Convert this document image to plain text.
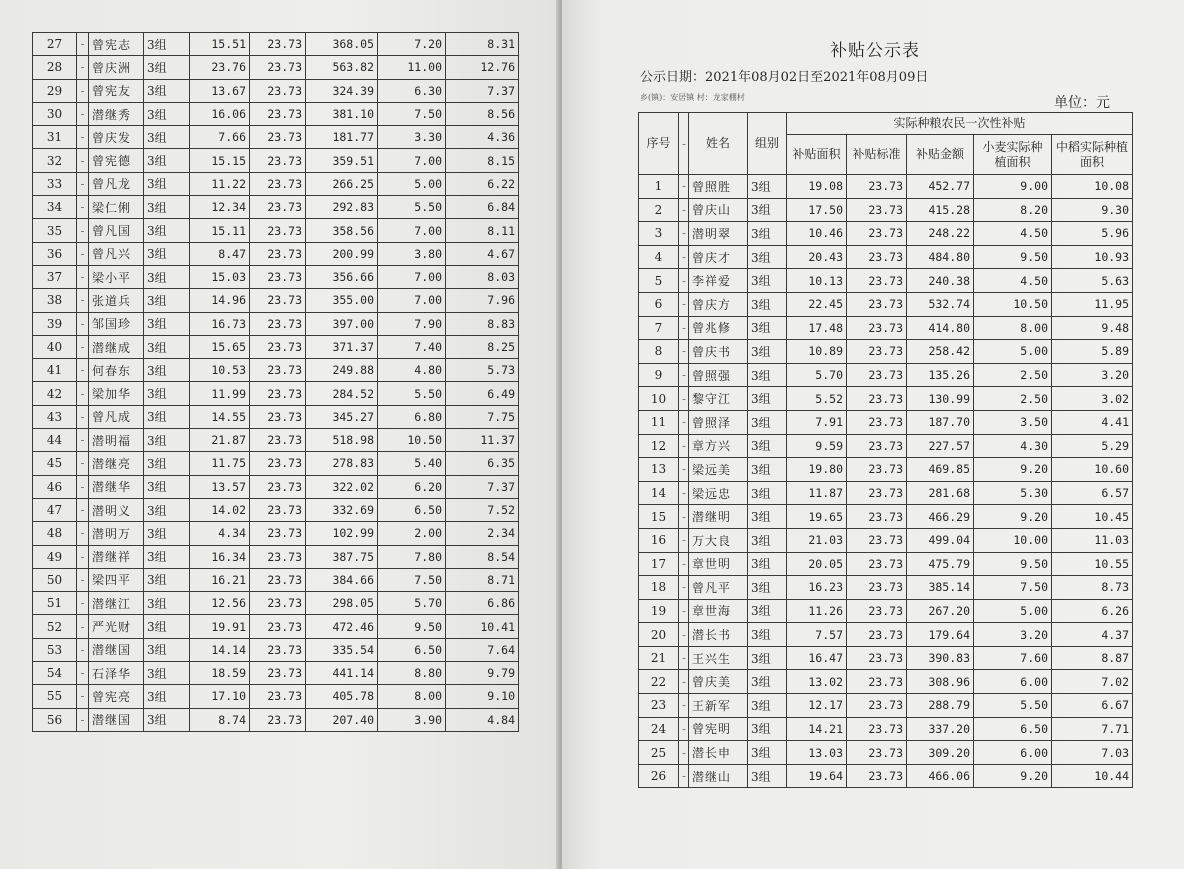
27	-	曾宪志	3组	15.51	23.73	368.05	7.20	8.31
28	-	曾庆洲	3组	23.76	23.73	563.82	11.00	12.76
29	-	曾宪友	3组	13.67	23.73	324.39	6.30	7.37
30	-	潜继秀	3组	16.06	23.73	381.10	7.50	8.56
31	-	曾庆发	3组	7.66	23.73	181.77	3.30	4.36
32	-	曾宪德	3组	15.15	23.73	359.51	7.00	8.15
33	-	曾凡龙	3组	11.22	23.73	266.25	5.00	6.22
34	-	梁仁俐	3组	12.34	23.73	292.83	5.50	6.84
35	-	曾凡国	3组	15.11	23.73	358.56	7.00	8.11
36	-	曾凡兴	3组	8.47	23.73	200.99	3.80	4.67
37	-	梁小平	3组	15.03	23.73	356.66	7.00	8.03
38	-	张道兵	3组	14.96	23.73	355.00	7.00	7.96
39	-	邹国珍	3组	16.73	23.73	397.00	7.90	8.83
40	-	潜继成	3组	15.65	23.73	371.37	7.40	8.25
41	-	何春东	3组	10.53	23.73	249.88	4.80	5.73
42	-	梁加华	3组	11.99	23.73	284.52	5.50	6.49
43	-	曾凡成	3组	14.55	23.73	345.27	6.80	7.75
44	-	潜明福	3组	21.87	23.73	518.98	10.50	11.37
45	-	潜继亮	3组	11.75	23.73	278.83	5.40	6.35
46	-	潜继华	3组	13.57	23.73	322.02	6.20	7.37
47	-	潜明义	3组	14.02	23.73	332.69	6.50	7.52
48	-	潜明万	3组	4.34	23.73	102.99	2.00	2.34
49	-	潜继祥	3组	16.34	23.73	387.75	7.80	8.54
50	-	梁四平	3组	16.21	23.73	384.66	7.50	8.71
51	-	潜继江	3组	12.56	23.73	298.05	5.70	6.86
52	-	严光财	3组	19.91	23.73	472.46	9.50	10.41
53	-	潜继国	3组	14.14	23.73	335.54	6.50	7.64
54	-	石泽华	3组	18.59	23.73	441.14	8.80	9.79
55	-	曾宪亮	3组	17.10	23.73	405.78	8.00	9.10
56	-	潜继国	3组	8.74	23.73	207.40	3.90	4.84
补贴公示表
公示日期：2021年08月02日至2021年08月09日
乡(镇)：安居镇 村：龙家棚村	单位：元
序号	-	姓名	组别	实际种粮农民一次性补贴				
				补贴面积	补贴标准	补贴金额	小麦实际种植面积	中稻实际种植面积
1	-	曾照胜	3组	19.08	23.73	452.77	9.00	10.08
2	-	曾庆山	3组	17.50	23.73	415.28	8.20	9.30
3	-	潜明翠	3组	10.46	23.73	248.22	4.50	5.96
4	-	曾庆才	3组	20.43	23.73	484.80	9.50	10.93
5	-	李祥爱	3组	10.13	23.73	240.38	4.50	5.63
6	-	曾庆方	3组	22.45	23.73	532.74	10.50	11.95
7	-	曾兆修	3组	17.48	23.73	414.80	8.00	9.48
8	-	曾庆书	3组	10.89	23.73	258.42	5.00	5.89
9	-	曾照强	3组	5.70	23.73	135.26	2.50	3.20
10	-	黎守江	3组	5.52	23.73	130.99	2.50	3.02
11	-	曾照泽	3组	7.91	23.73	187.70	3.50	4.41
12	-	章方兴	3组	9.59	23.73	227.57	4.30	5.29
13	-	梁远美	3组	19.80	23.73	469.85	9.20	10.60
14	-	梁远忠	3组	11.87	23.73	281.68	5.30	6.57
15	-	潜继明	3组	19.65	23.73	466.29	9.20	10.45
16	-	万大良	3组	21.03	23.73	499.04	10.00	11.03
17	-	章世明	3组	20.05	23.73	475.79	9.50	10.55
18	-	曾凡平	3组	16.23	23.73	385.14	7.50	8.73
19	-	章世海	3组	11.26	23.73	267.20	5.00	6.26
20	-	潜长书	3组	7.57	23.73	179.64	3.20	4.37
21	-	王兴生	3组	16.47	23.73	390.83	7.60	8.87
22	-	曾庆美	3组	13.02	23.73	308.96	6.00	7.02
23	-	王新军	3组	12.17	23.73	288.79	5.50	6.67
24	-	曾宪明	3组	14.21	23.73	337.20	6.50	7.71
25	-	潜长申	3组	13.03	23.73	309.20	6.00	7.03
26	-	潜继山	3组	19.64	23.73	466.06	9.20	10.44
